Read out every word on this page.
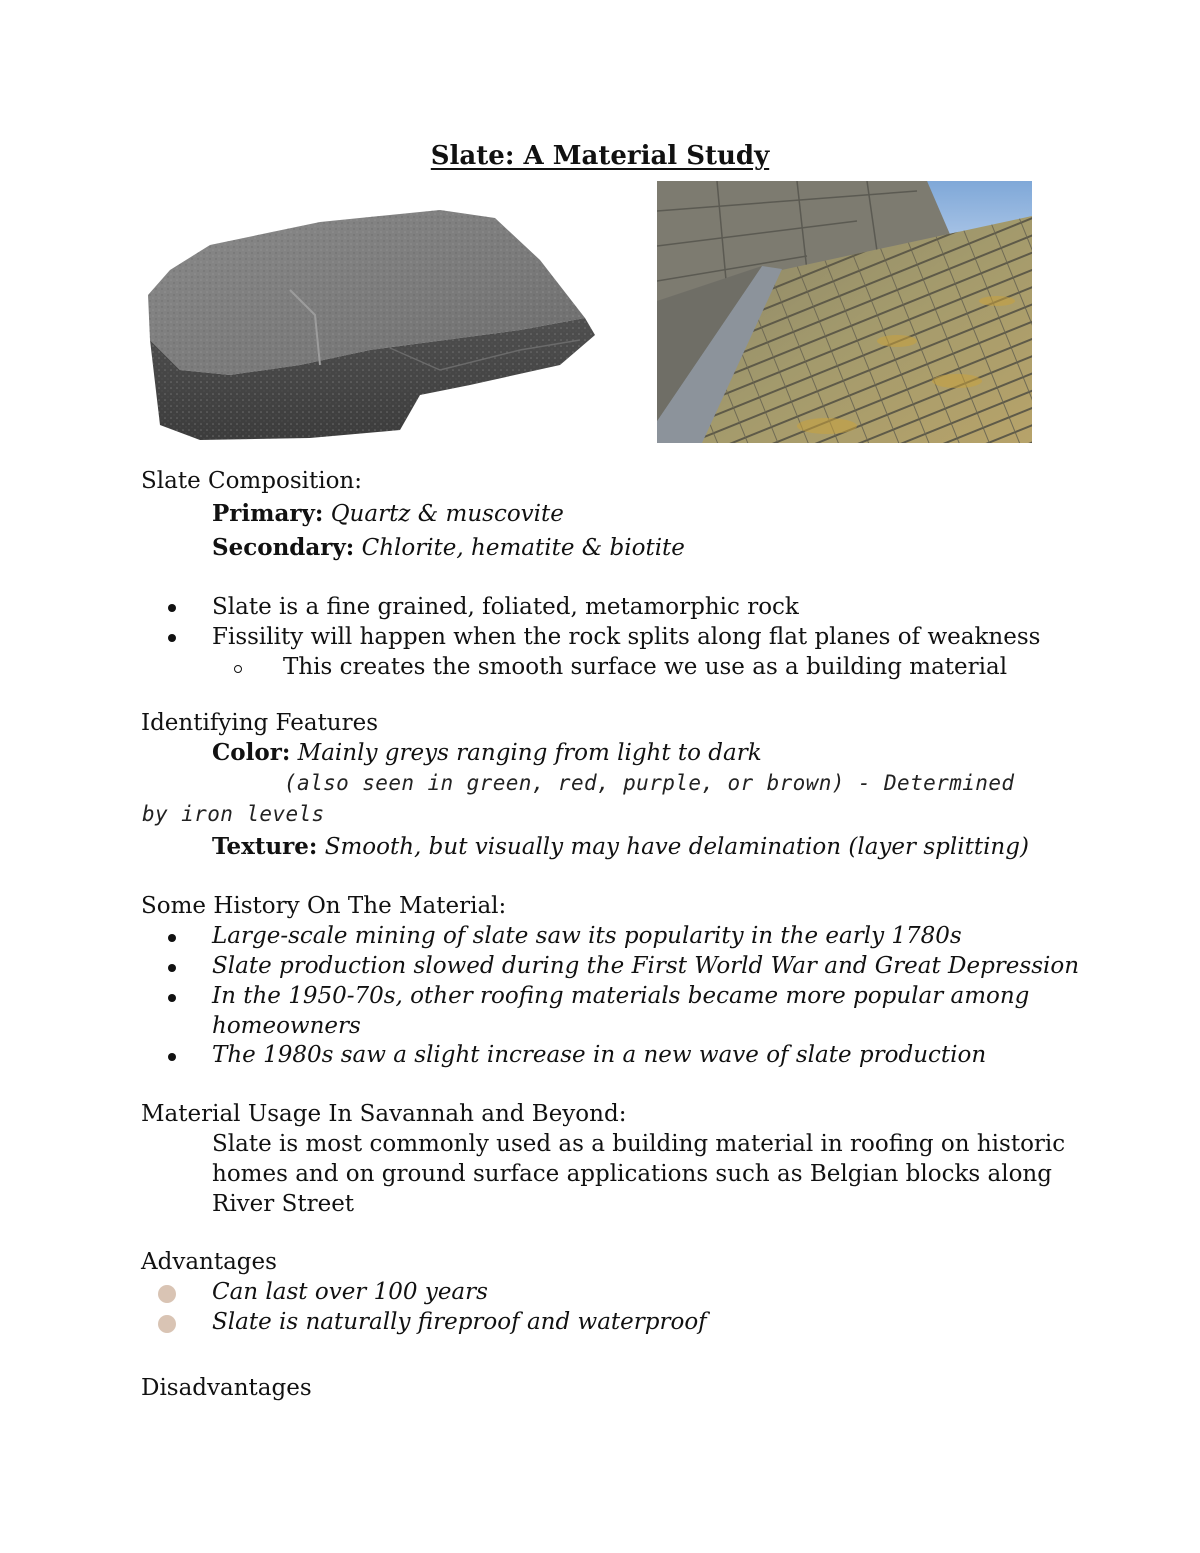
Slate: A Material Study
Slate Composition:
Primary: Quartz & muscovite
Secondary: Chlorite, hematite & biotite
Slate is a fine grained, foliated, metamorphic rock
Fissility will happen when the rock splits along flat planes of weakness
This creates the smooth surface we use as a building material
Identifying Features
Color: Mainly greys ranging from light to dark
(also seen in green, red, purple, or brown) - Determined
by iron levels
Texture: Smooth, but visually may have delamination (layer splitting)
Some History On The Material:
Large-scale mining of slate saw its popularity in the early 1780s
Slate production slowed during the First World War and Great Depression
In the 1950-70s, other roofing materials became more popular among
homeowners
The 1980s saw a slight increase in a new wave of slate production
Material Usage In Savannah and Beyond:
Slate is most commonly used as a building material in roofing on historic
homes and on ground surface applications such as Belgian blocks along
River Street
Advantages
Can last over 100 years
Slate is naturally fireproof and waterproof
Disadvantages
